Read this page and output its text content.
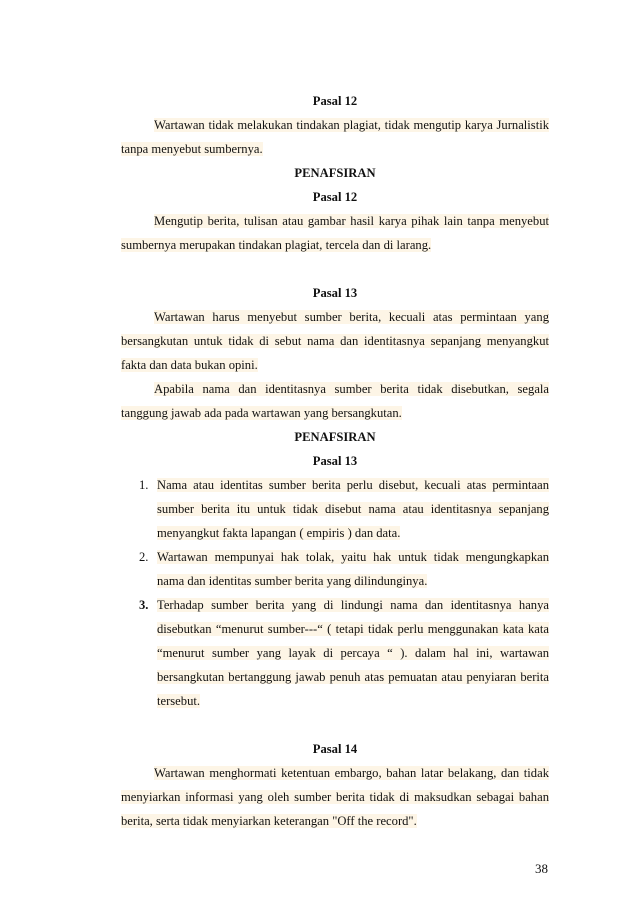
Pasal 12

Wartawan tidak melakukan tindakan plagiat, tidak mengutip karya Jurnalistik tanpa menyebut sumbernya.

PENAFSIRAN
Pasal 12

Mengutip berita, tulisan atau gambar hasil karya pihak lain tanpa menyebut sumbernya merupakan tindakan plagiat, tercela dan di larang.

Pasal 13

Wartawan harus menyebut sumber berita, kecuali atas permintaan yang bersangkutan untuk tidak di sebut nama dan identitasnya sepanjang menyangkut fakta dan data bukan opini.

Apabila nama dan identitasnya sumber berita tidak disebutkan, segala tanggung jawab ada pada wartawan yang bersangkutan.

PENAFSIRAN
Pasal 13
1. Nama atau identitas sumber berita perlu disebut, kecuali atas permintaan sumber berita itu untuk tidak disebut nama atau identitasnya sepanjang menyangkut fakta lapangan ( empiris ) dan data.
2. Wartawan mempunyai hak tolak, yaitu hak untuk tidak mengungkapkan nama dan identitas sumber berita yang dilindunginya.
3. Terhadap sumber berita yang di lindungi nama dan identitasnya hanya disebutkan “menurut sumber---“ ( tetapi tidak perlu menggunakan kata kata “menurut sumber yang layak di percaya “ ). dalam hal ini, wartawan bersangkutan bertanggung jawab penuh atas pemuatan atau penyiaran berita tersebut.
Pasal 14

Wartawan menghormati ketentuan embargo, bahan latar belakang, dan tidak menyiarkan informasi yang oleh sumber berita tidak di maksudkan sebagai bahan berita, serta tidak menyiarkan keterangan "Off the record".

38
